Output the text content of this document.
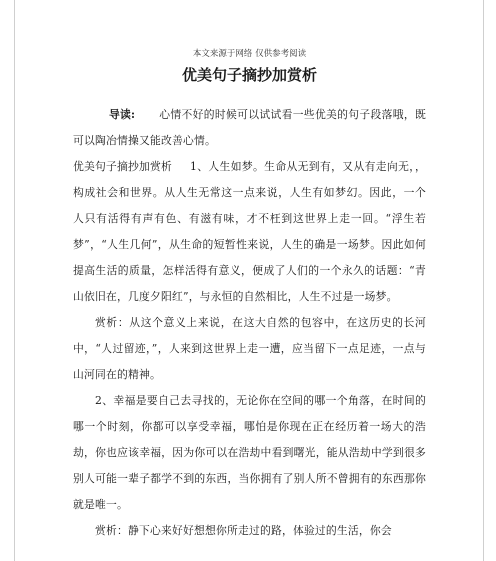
本文来源于网络 仅供参考阅读
优美句子摘抄加赏析
导读: 心情不好的时候可以试试看一些优美的句子段落哦，既可以陶冶情操又能改善心情。
优美句子摘抄加赏析 1、人生如梦。生命从无到有，又从有走向无，，构成社会和世界。从人生无常这一点来说，人生有如梦幻。因此，一个 人只有活得有声有色、有滋有味，才不枉到这世界上走一回。“浮生若梦”，“人生几何”，从生命的短暂性来说，人生的确是一场梦。因此如何提高生活的质量，怎样活得有意义，便成了人们的一个永久的话题：“青山依旧在，几度夕阳红”，与永恒的自然相比，人生不过是一场梦。
赏析：从这个意义上来说，在这大自然的包容中，在这历史的长河中，“人过留迹，”，人来到这世界上走一遭，应当留下一点足迹，一点与山河同在的精神。
2、幸福是要自己去寻找的，无论你在空间的哪一个角落，在时间的哪一个时刻，你都可以享受幸福，哪怕是你现在正在经历着一场大的浩劫，你也应该幸福，因为你可以在浩劫中看到曙光，能从浩劫中学到很多别人可能一辈子都学不到的东西，当你拥有了别人所不曾拥有的东西那你就是唯一。
赏析：静下心来好好想想你所走过的路，体验过的生活，你会
